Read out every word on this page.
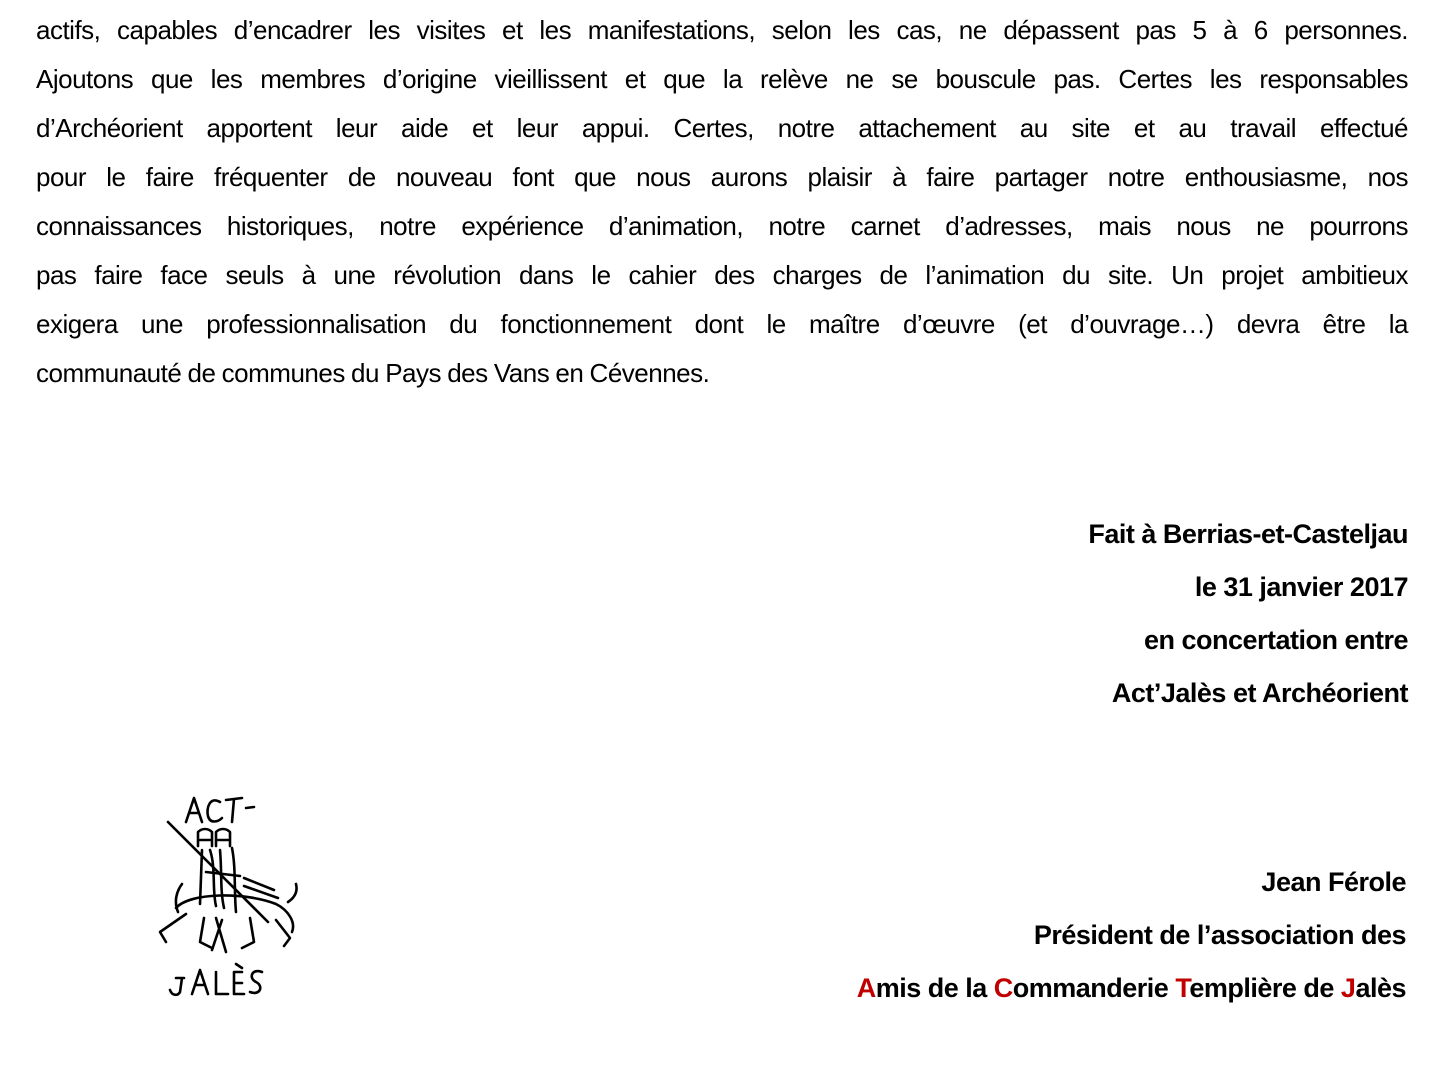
actifs, capables d’encadrer les visites et les manifestations, selon les cas, ne dépassent pas 5 à 6 personnes.
Ajoutons que les membres d’origine vieillissent et que la relève ne se bouscule pas. Certes les responsables
d’Archéorient apportent leur aide et leur appui. Certes, notre attachement au site et au travail effectué
pour le faire fréquenter de nouveau font que nous aurons plaisir à faire partager notre enthousiasme, nos
connaissances historiques, notre expérience d’animation, notre carnet d’adresses, mais nous ne pourrons
pas faire face seuls à une révolution dans le cahier des charges de l’animation du site. Un projet ambitieux
exigera une professionnalisation du fonctionnement dont le maître d’œuvre (et d’ouvrage…) devra être la
communauté de communes du Pays des Vans en Cévennes.
Fait à Berrias-et-Casteljau
le 31 janvier 2017
en concertation entre
Act’Jalès et Archéorient
Jean Férole
Président de l’association des
Amis de la Commanderie Templière de Jalès
